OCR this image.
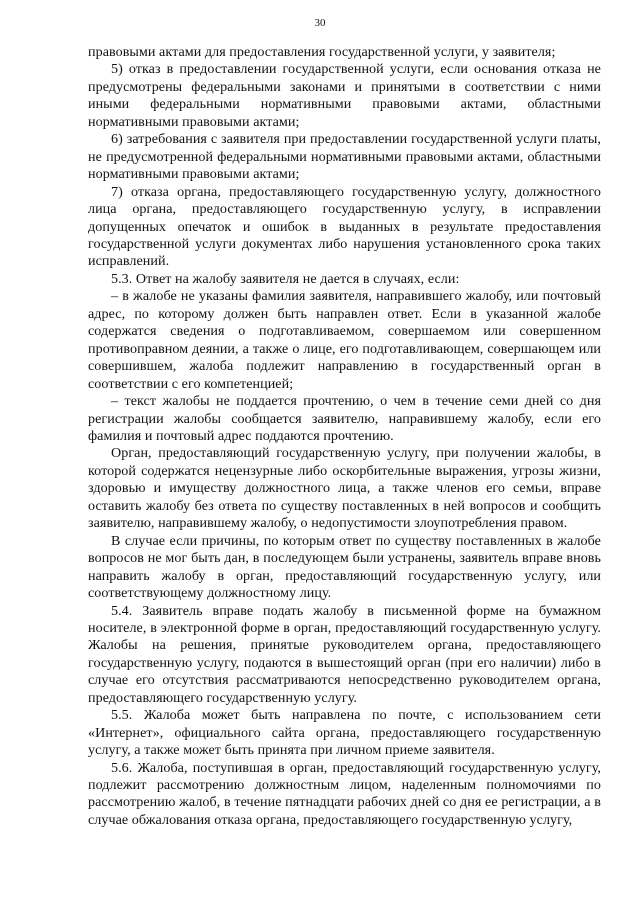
30

правовыми актами для предоставления государственной услуги, у заявителя;

5) отказ в предоставлении государственной услуги, если основания отказа не предусмотрены федеральными законами и принятыми в соответствии с ними иными федеральными нормативными правовыми актами, областными нормативными правовыми актами;

6) затребования с заявителя при предоставлении государственной услуги платы, не предусмотренной федеральными нормативными правовыми актами, областными нормативными правовыми актами;

7) отказа органа, предоставляющего государственную услугу, должностного лица органа, предоставляющего государственную услугу, в исправлении допущенных опечаток и ошибок в выданных в результате предоставления государственной услуги документах либо нарушения установленного срока таких исправлений.

5.3. Ответ на жалобу заявителя не дается в случаях, если:

– в жалобе не указаны фамилия заявителя, направившего жалобу, или почтовый адрес, по которому должен быть направлен ответ. Если в указанной жалобе содержатся сведения о подготавливаемом, совершаемом или совершенном противоправном деянии, а также о лице, его подготавливающем, совершающем или совершившем, жалоба подлежит направлению в государственный орган в соответствии с его компетенцией;

– текст жалобы не поддается прочтению, о чем в течение семи дней со дня регистрации жалобы сообщается заявителю, направившему жалобу, если его фамилия и почтовый адрес поддаются прочтению.

Орган, предоставляющий государственную услугу, при получении жалобы, в которой содержатся нецензурные либо оскорбительные выражения, угрозы жизни, здоровью и имуществу должностного лица, а также членов его семьи, вправе оставить жалобу без ответа по существу поставленных в ней вопросов и сообщить заявителю, направившему жалобу, о недопустимости злоупотребления правом.

В случае если причины, по которым ответ по существу поставленных в жалобе вопросов не мог быть дан, в последующем были устранены, заявитель вправе вновь направить жалобу в орган, предоставляющий государственную услугу, или соответствующему должностному лицу.

5.4. Заявитель вправе подать жалобу в письменной форме на бумажном носителе, в электронной форме в орган, предоставляющий государственную услугу. Жалобы на решения, принятые руководителем органа, предоставляющего государственную услугу, подаются в вышестоящий орган (при его наличии) либо в случае его отсутствия рассматриваются непосредственно руководителем органа, предоставляющего государственную услугу.

5.5. Жалоба может быть направлена по почте, с использованием сети «Интернет», официального сайта органа, предоставляющего государственную услугу, а также может быть принята при личном приеме заявителя.

5.6. Жалоба, поступившая в орган, предоставляющий государственную услугу, подлежит рассмотрению должностным лицом, наделенным полномочиями по рассмотрению жалоб, в течение пятнадцати рабочих дней со дня ее регистрации, а в случае обжалования отказа органа, предоставляющего государственную услугу,
